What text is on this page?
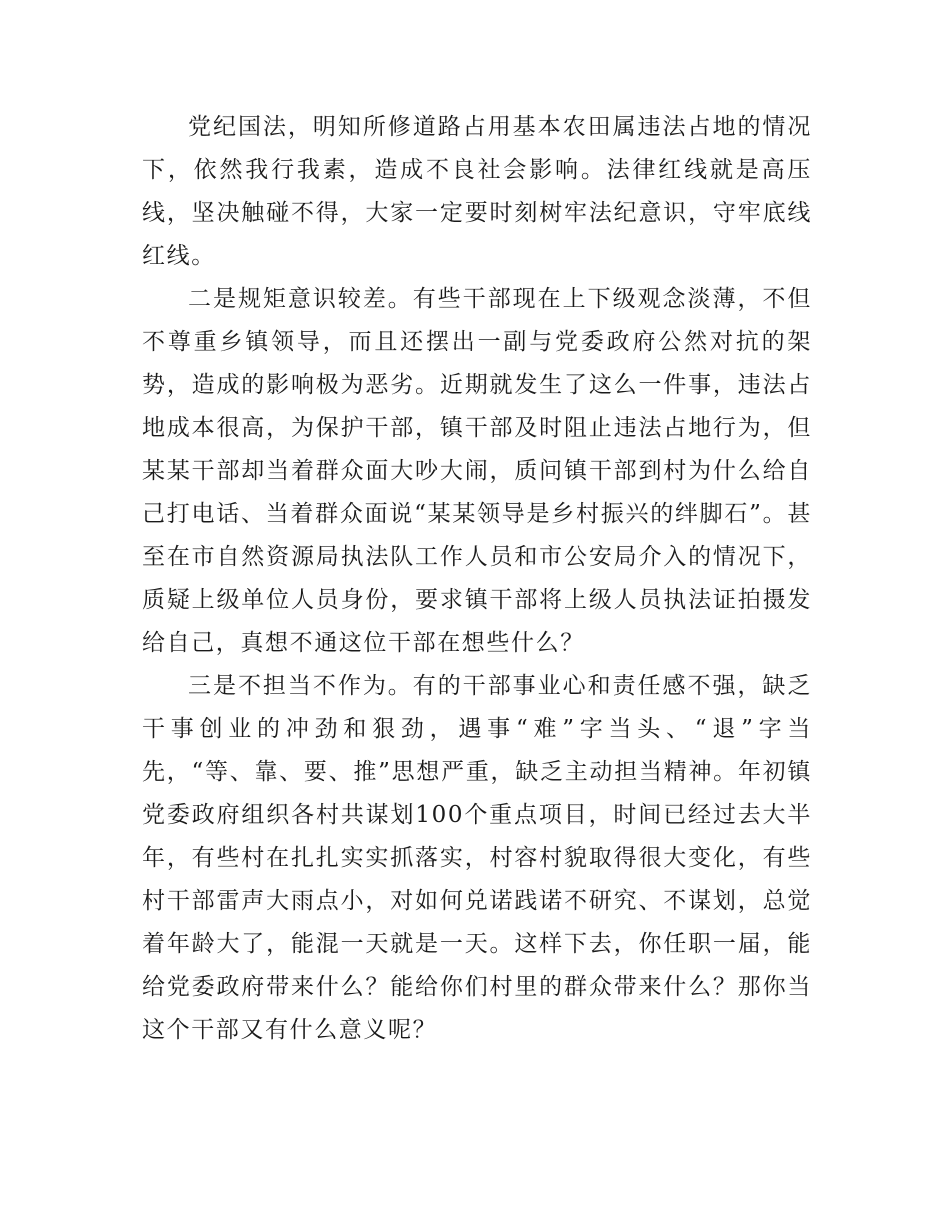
党纪国法，明知所修道路占用基本农田属违法占地的情况下，依然我行我素，造成不良社会影响。法律红线就是高压线，坚决触碰不得，大家一定要时刻树牢法纪意识，守牢底线红线。

二是规矩意识较差。有些干部现在上下级观念淡薄，不但不尊重乡镇领导，而且还摆出一副与党委政府公然对抗的架势，造成的影响极为恶劣。近期就发生了这么一件事，违法占地成本很高，为保护干部，镇干部及时阻止违法占地行为，但某某干部却当着群众面大吵大闹，质问镇干部到村为什么给自己打电话、当着群众面说“某某领导是乡村振兴的绊脚石”。甚至在市自然资源局执法队工作人员和市公安局介入的情况下，质疑上级单位人员身份，要求镇干部将上级人员执法证拍摄发给自己，真想不通这位干部在想些什么？

三是不担当不作为。有的干部事业心和责任感不强，缺乏干事创业的冲劲和狠劲，遇事“难”字当头、“退”字当先，“等、靠、要、推”思想严重，缺乏主动担当精神。年初镇党委政府组织各村共谋划100个重点项目，时间已经过去大半年，有些村在扎扎实实抓落实，村容村貌取得很大变化，有些村干部雷声大雨点小，对如何兑诺践诺不研究、不谋划，总觉着年龄大了，能混一天就是一天。这样下去，你任职一届，能给党委政府带来什么？能给你们村里的群众带来什么？那你当这个干部又有什么意义呢？
